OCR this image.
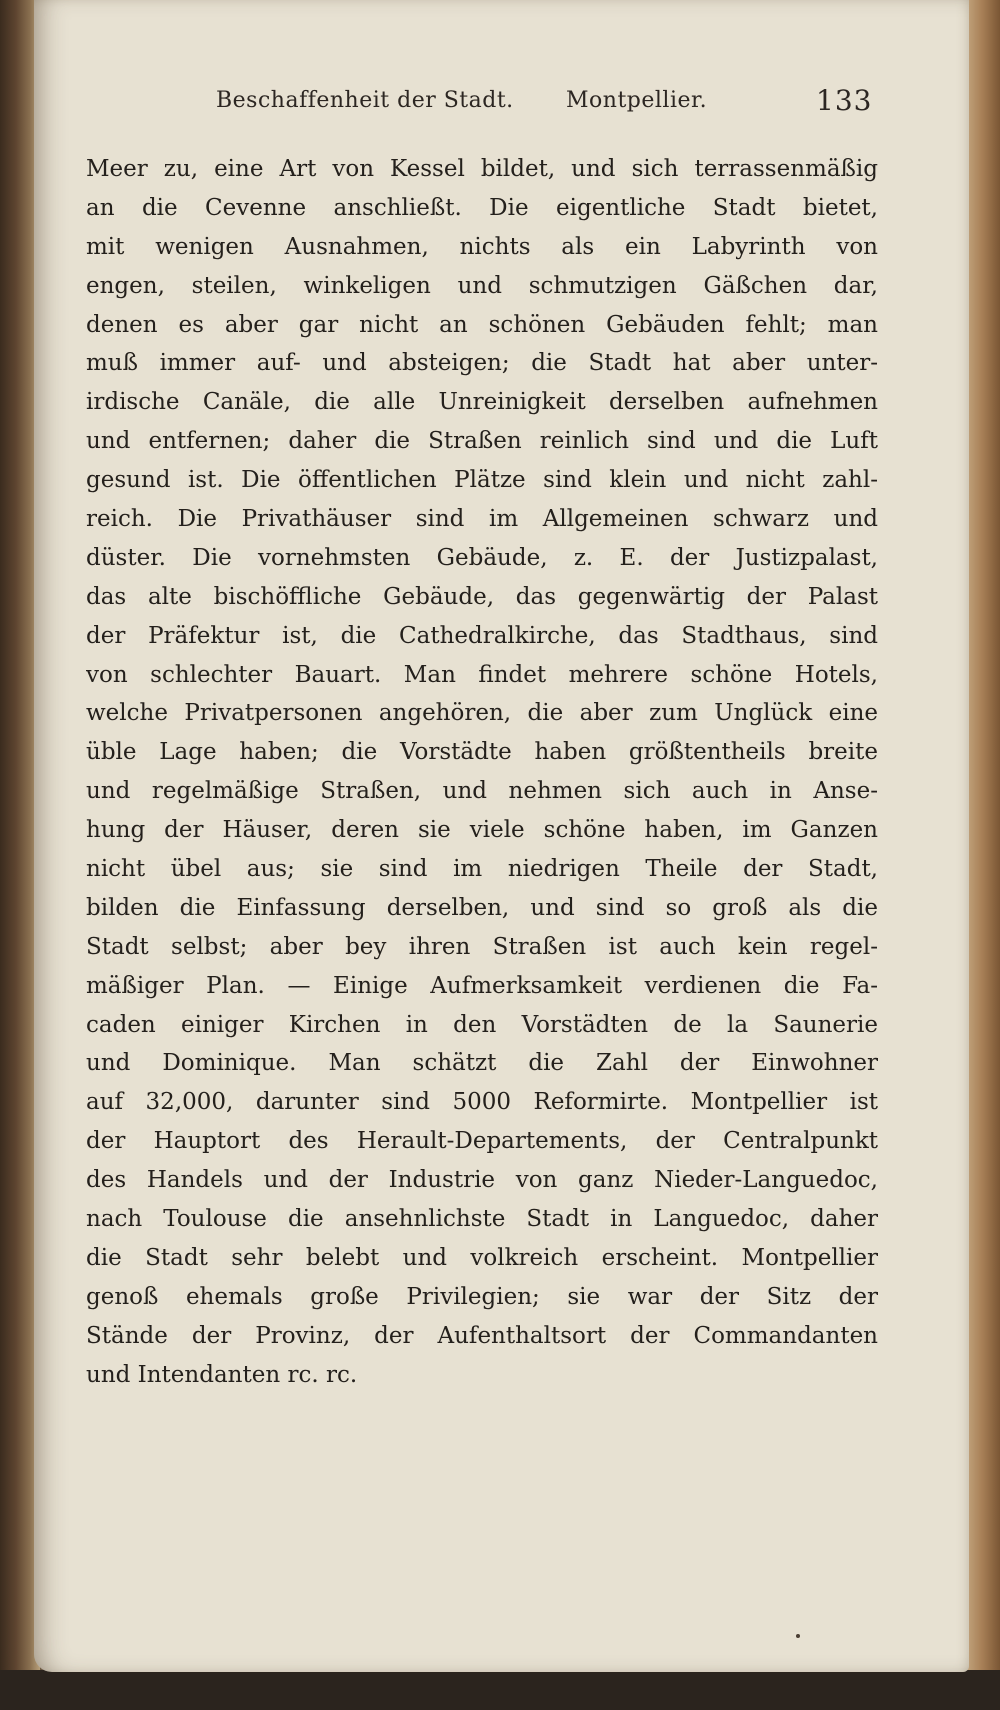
Beschaffenheit der Stadt. Montpellier.	133
Meer zu, eine Art von Kessel bildet, und sich terrassenmäßig
an die Cevenne anschließt. Die eigentliche Stadt bietet,
mit wenigen Ausnahmen, nichts als ein Labyrinth von
engen, steilen, winkeligen und schmutzigen Gäßchen dar,
denen es aber gar nicht an schönen Gebäuden fehlt; man
muß immer auf- und absteigen; die Stadt hat aber unter-
irdische Canäle, die alle Unreinigkeit derselben aufnehmen
und entfernen; daher die Straßen reinlich sind und die Luft
gesund ist. Die öffentlichen Plätze sind klein und nicht zahl-
reich. Die Privathäuser sind im Allgemeinen schwarz und
düster. Die vornehmsten Gebäude, z. E. der Justizpalast,
das alte bischöffliche Gebäude, das gegenwärtig der Palast
der Präfektur ist, die Cathedralkirche, das Stadthaus, sind
von schlechter Bauart. Man findet mehrere schöne Hotels,
welche Privatpersonen angehören, die aber zum Unglück eine
üble Lage haben; die Vorstädte haben größtentheils breite
und regelmäßige Straßen, und nehmen sich auch in Anse-
hung der Häuser, deren sie viele schöne haben, im Ganzen
nicht übel aus; sie sind im niedrigen Theile der Stadt,
bilden die Einfassung derselben, und sind so groß als die
Stadt selbst; aber bey ihren Straßen ist auch kein regel-
mäßiger Plan. — Einige Aufmerksamkeit verdienen die Fa-
caden einiger Kirchen in den Vorstädten de la Saunerie
und Dominique. Man schätzt die Zahl der Einwohner
auf 32,000, darunter sind 5000 Reformirte. Montpellier ist
der Hauptort des Herault-Departements, der Centralpunkt
des Handels und der Industrie von ganz Nieder-Languedoc,
nach Toulouse die ansehnlichste Stadt in Languedoc, daher
die Stadt sehr belebt und volkreich erscheint. Montpellier
genoß ehemals große Privilegien; sie war der Sitz der
Stände der Provinz, der Aufenthaltsort der Commandanten
und Intendanten rc. rc.
